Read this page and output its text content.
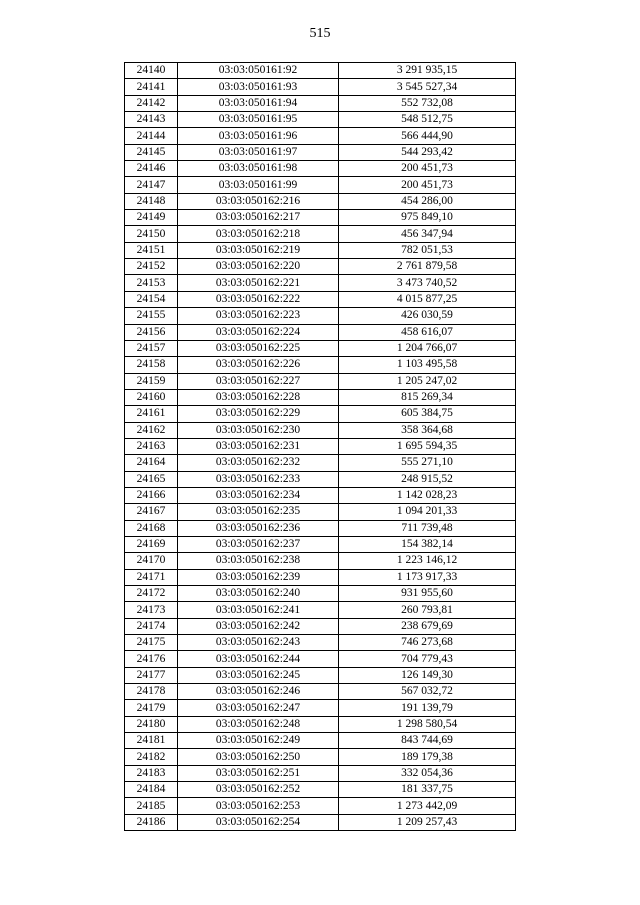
515
24140	03:03:050161:92	3 291 935,15
24141	03:03:050161:93	3 545 527,34
24142	03:03:050161:94	552 732,08
24143	03:03:050161:95	548 512,75
24144	03:03:050161:96	566 444,90
24145	03:03:050161:97	544 293,42
24146	03:03:050161:98	200 451,73
24147	03:03:050161:99	200 451,73
24148	03:03:050162:216	454 286,00
24149	03:03:050162:217	975 849,10
24150	03:03:050162:218	456 347,94
24151	03:03:050162:219	782 051,53
24152	03:03:050162:220	2 761 879,58
24153	03:03:050162:221	3 473 740,52
24154	03:03:050162:222	4 015 877,25
24155	03:03:050162:223	426 030,59
24156	03:03:050162:224	458 616,07
24157	03:03:050162:225	1 204 766,07
24158	03:03:050162:226	1 103 495,58
24159	03:03:050162:227	1 205 247,02
24160	03:03:050162:228	815 269,34
24161	03:03:050162:229	605 384,75
24162	03:03:050162:230	358 364,68
24163	03:03:050162:231	1 695 594,35
24164	03:03:050162:232	555 271,10
24165	03:03:050162:233	248 915,52
24166	03:03:050162:234	1 142 028,23
24167	03:03:050162:235	1 094 201,33
24168	03:03:050162:236	711 739,48
24169	03:03:050162:237	154 382,14
24170	03:03:050162:238	1 223 146,12
24171	03:03:050162:239	1 173 917,33
24172	03:03:050162:240	931 955,60
24173	03:03:050162:241	260 793,81
24174	03:03:050162:242	238 679,69
24175	03:03:050162:243	746 273,68
24176	03:03:050162:244	704 779,43
24177	03:03:050162:245	126 149,30
24178	03:03:050162:246	567 032,72
24179	03:03:050162:247	191 139,79
24180	03:03:050162:248	1 298 580,54
24181	03:03:050162:249	843 744,69
24182	03:03:050162:250	189 179,38
24183	03:03:050162:251	332 054,36
24184	03:03:050162:252	181 337,75
24185	03:03:050162:253	1 273 442,09
24186	03:03:050162:254	1 209 257,43
